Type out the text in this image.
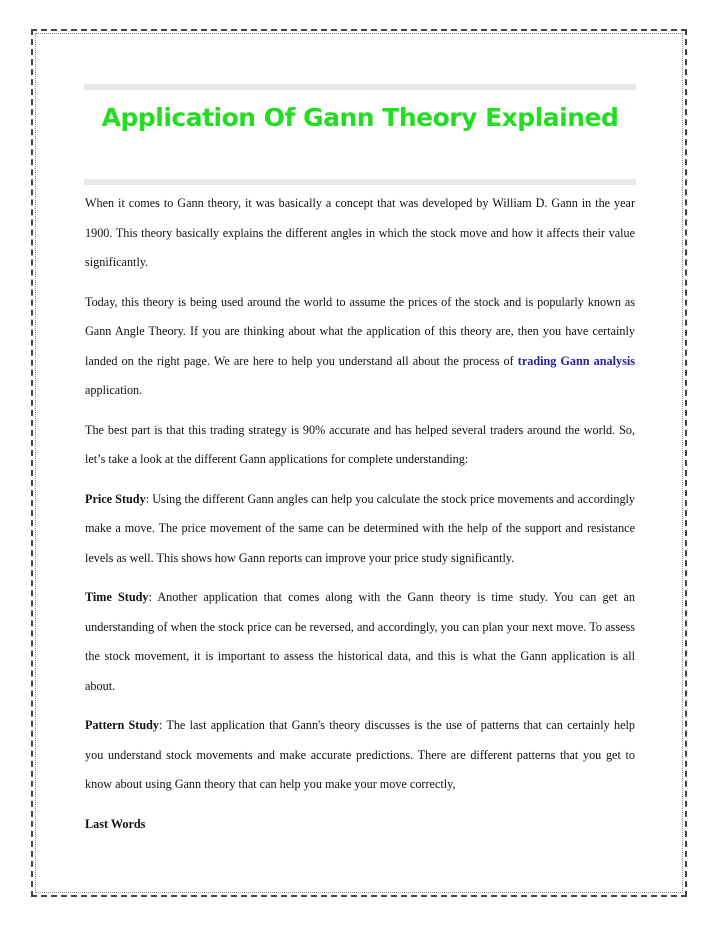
Application Of Gann Theory Explained

When it comes to Gann theory, it was basically a concept that was developed by William D. Gann in the year 1900. This theory basically explains the different angles in which the stock move and how it affects their value significantly.

Today, this theory is being used around the world to assume the prices of the stock and is popularly known as Gann Angle Theory. If you are thinking about what the application of this theory are, then you have certainly landed on the right page. We are here to help you understand all about the process of trading Gann analysis application.

The best part is that this trading strategy is 90% accurate and has helped several traders around the world. So, let’s take a look at the different Gann applications for complete understanding:

Price Study: Using the different Gann angles can help you calculate the stock price movements and accordingly make a move. The price movement of the same can be determined with the help of the support and resistance levels as well. This shows how Gann reports can improve your price study significantly.

Time Study: Another application that comes along with the Gann theory is time study. You can get an understanding of when the stock price can be reversed, and accordingly, you can plan your next move. To assess the stock movement, it is important to assess the historical data, and this is what the Gann application is all about.

Pattern Study: The last application that Gann's theory discusses is the use of patterns that can certainly help you understand stock movements and make accurate predictions. There are different patterns that you get to know about using Gann theory that can help you make your move correctly,

Last Words
